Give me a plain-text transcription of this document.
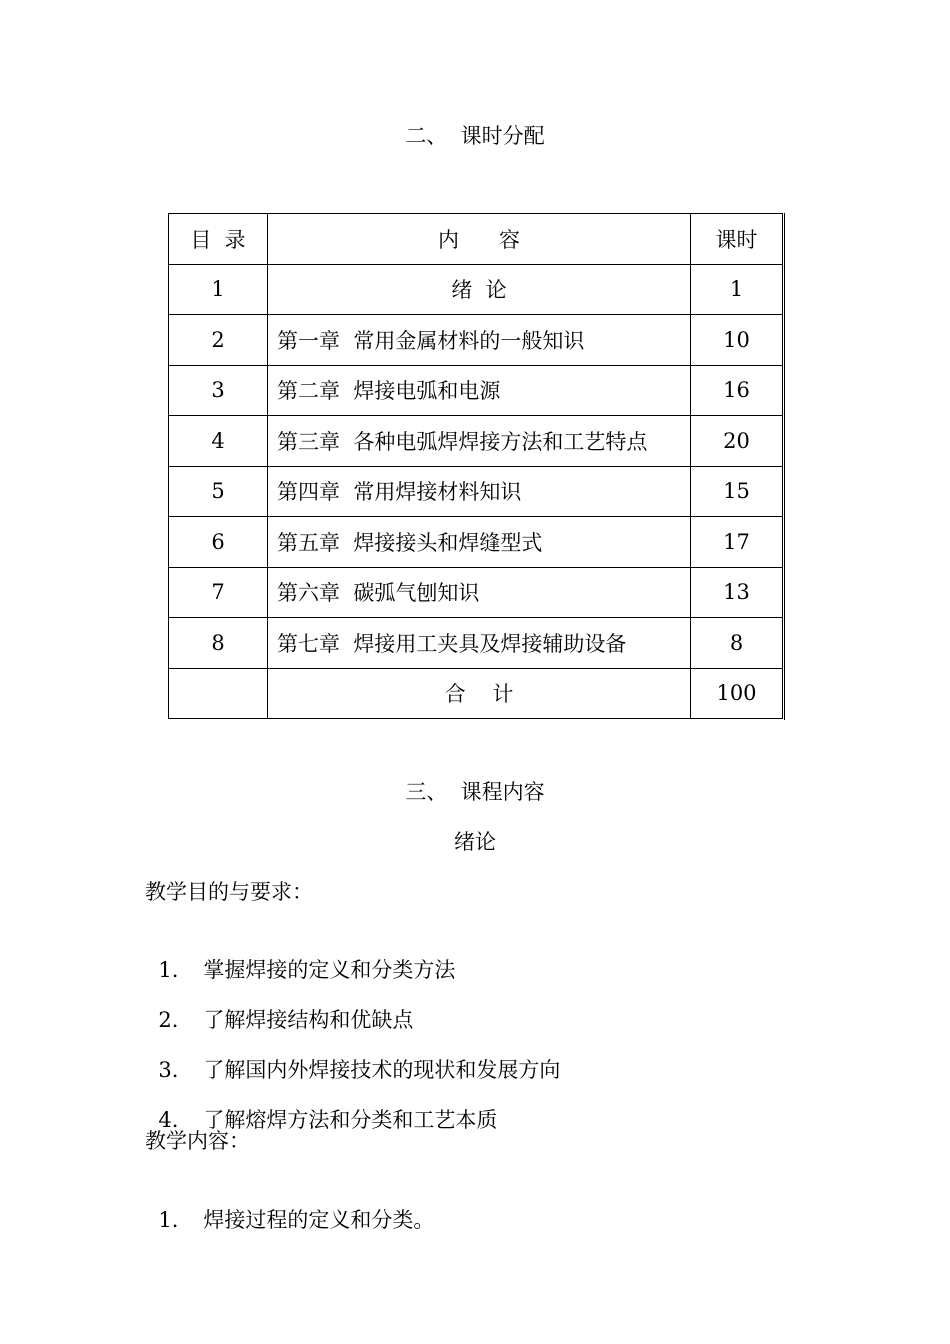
二、  课时分配
目  录	内      容	课时
1	绪  论	1
2	第一章  常用金属材料的一般知识	10
3	第二章  焊接电弧和电源	16
4	第三章  各种电弧焊焊接方法和工艺特点	20
5	第四章  常用焊接材料知识	15
6	第五章  焊接接头和焊缝型式	17
7	第六章  碳弧气刨知识	13
8	第七章  焊接用工夹具及焊接辅助设备	8
	合    计	100
三、  课程内容
绪论
教学目的与要求：

1. 掌握焊接的定义和分类方法

2. 了解焊接结构和优缺点

3. 了解国内外焊接技术的现状和发展方向

4. 了解熔焊方法和分类和工艺本质

教学内容：

1. 焊接过程的定义和分类。
